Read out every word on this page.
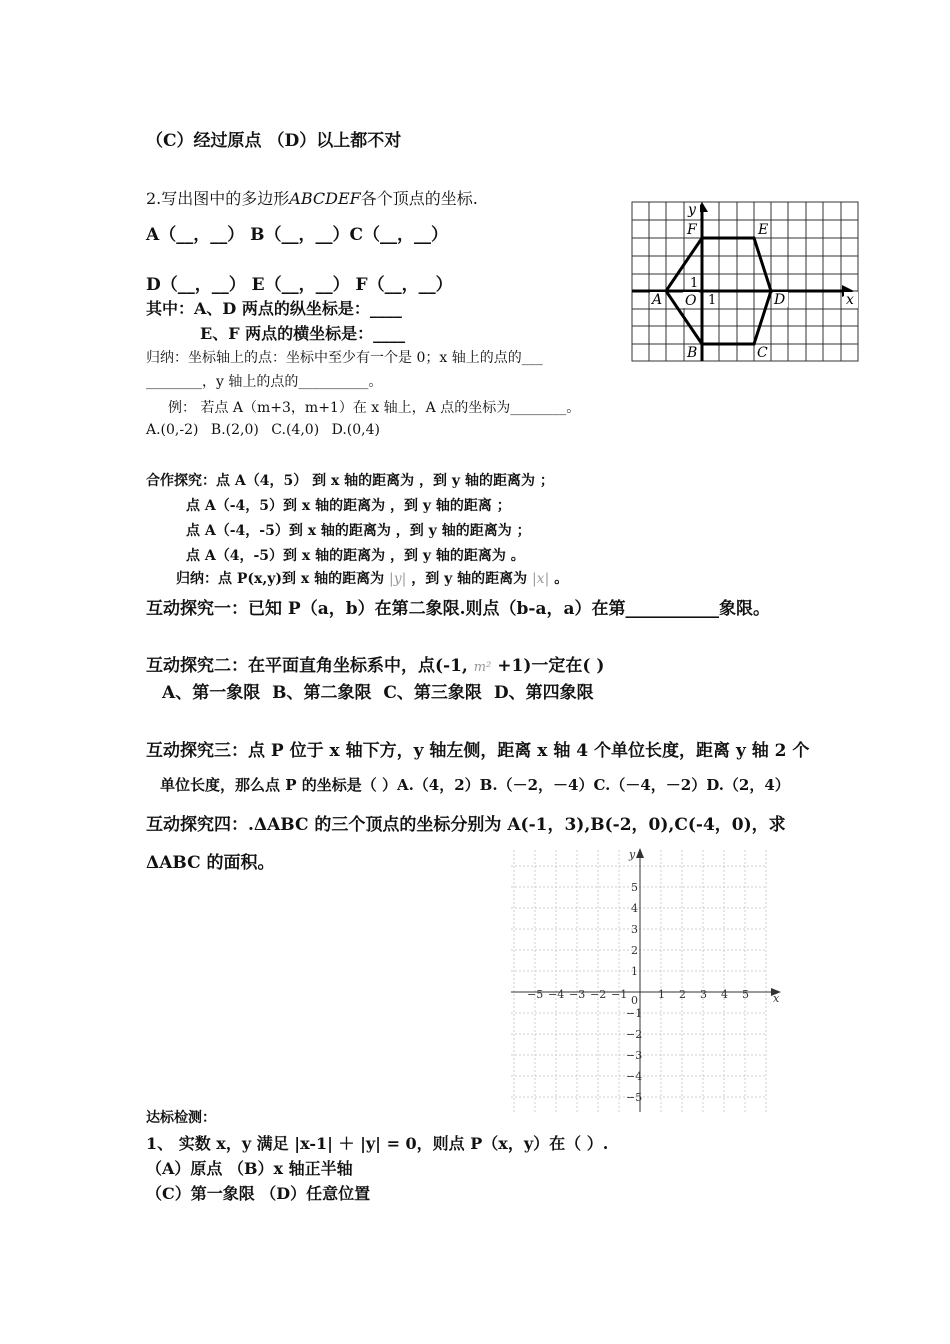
（C）经过原点 （D）以上都不对
2.写出图中的多边形ABCDEF各个顶点的坐标.
A（__，__） B（__，__）C（__，__）
D（__，__） E（__，__） F（__，__）
其中：A、D 两点的纵坐标是：____
E、F 两点的横坐标是：____
归纳：坐标轴上的点：坐标中至少有一个是 0；x 轴上的点的___
________，y 轴上的点的__________。
例： 若点 A（m+3，m+1）在 x 轴上，A 点的坐标为________。
A.(0,-2) B.(2,0) C.(4,0) D.(0,4)
合作探究：点 A（4，5） 到 x 轴的距离为 ，到 y 轴的距离为 ；
点 A（-4，5）到 x 轴的距离为 ，到 y 轴的距离 ；
点 A（-4，-5）到 x 轴的距离为 ，到 y 轴的距离为 ；
点 A（4，-5）到 x 轴的距离为 ，到 y 轴的距离为 。
归纳：点 P(x,y)到 x 轴的距离为 |y| ，到 y 轴的距离为 |x| 。
互动探究一：已知 P（a，b）在第二象限.则点（b-a，a）在第___________象限。
互动探究二：在平面直角坐标系中，点(-1, m² +1)一定在( )
A、第一象限 B、第二象限 C、第三象限 D、第四象限
互动探究三：点 P 位于 x 轴下方，y 轴左侧，距离 x 轴 4 个单位长度，距离 y 轴 2 个
单位长度，那么点 P 的坐标是（ ）A.（4，2）B.（－2，－4）C.（－4，－2）D.（2，4）
互动探究四：.ΔABC 的三个顶点的坐标分别为 A(-1，3),B(-2，0),C(-4，0)，求
ΔABC 的面积。
达标检测：
1、 实数 x，y 满足 |x-1| ＋ |y| = 0，则点 P（x，y）在（ ）.
（A）原点 （B）x 轴正半轴
（C）第一象限 （D）任意位置
x
y
F	E
A O	D
B	C
1
1
−5 −4 −3 −2 −1	1 2 3 4 5
5
4
3
2
1
−1
−2
−3
−4
−5
x
y
0
